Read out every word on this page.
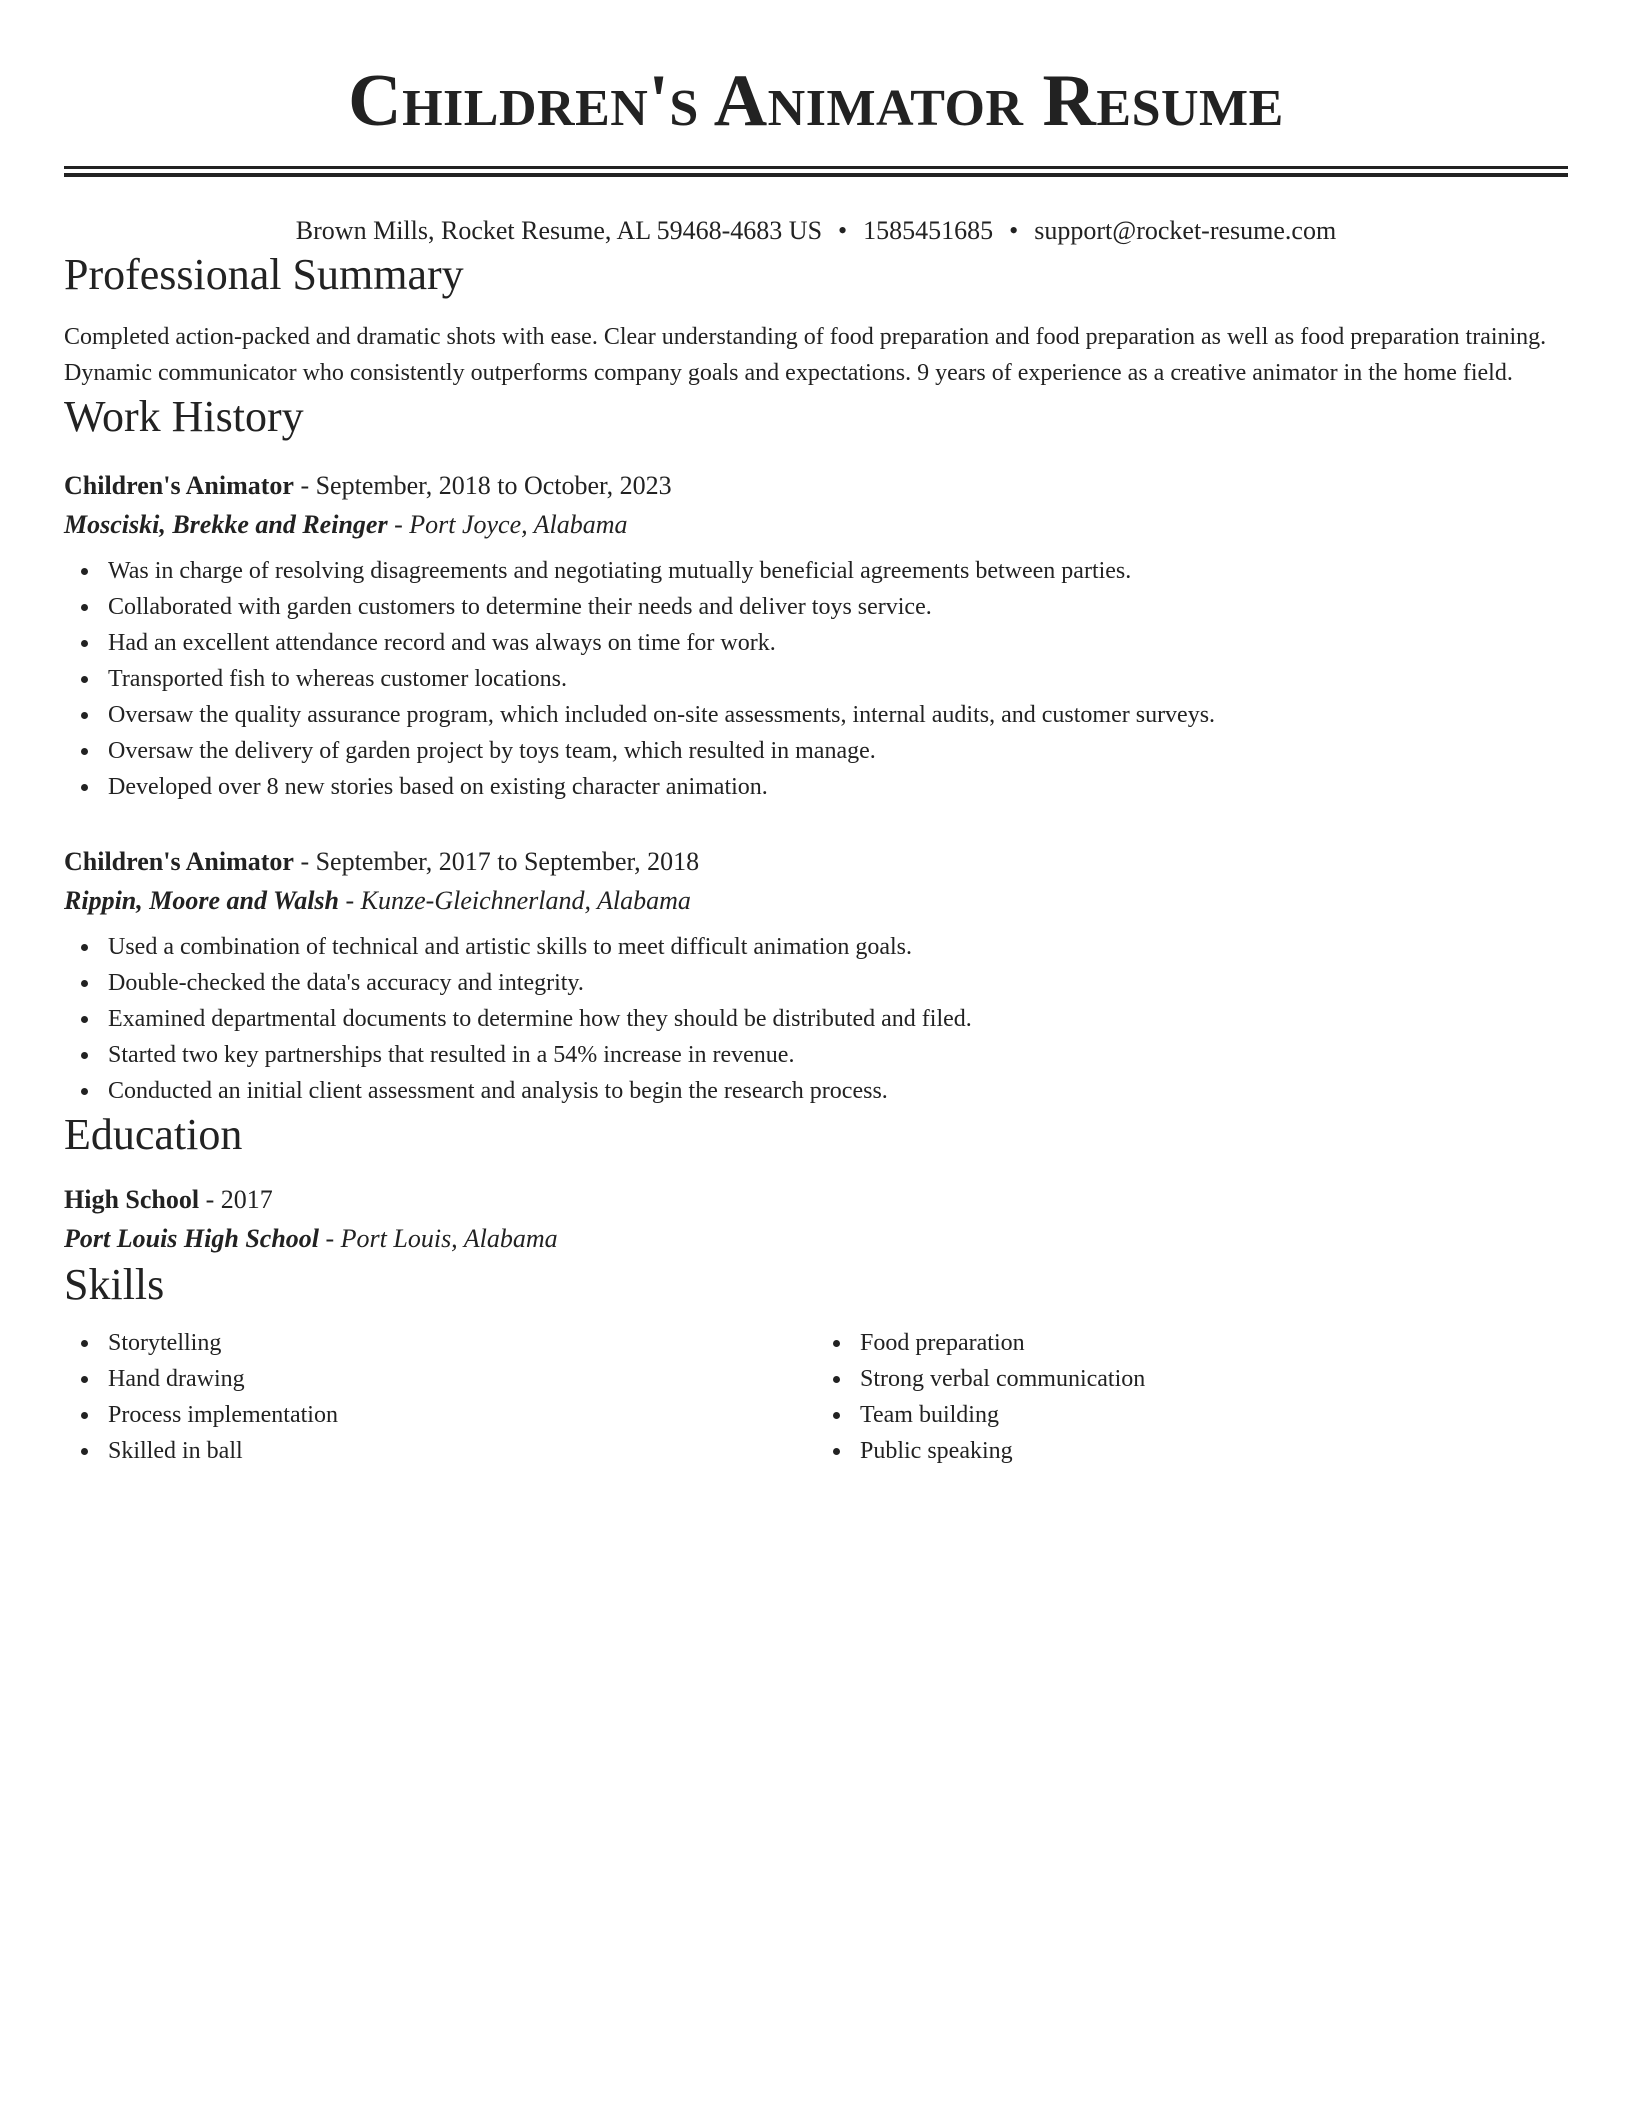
Children's Animator Resume
Brown Mills, Rocket Resume, AL 59468-4683 US • 1585451685 • support@rocket-resume.com
Professional Summary

Completed action-packed and dramatic shots with ease. Clear understanding of food preparation and food preparation as well as food preparation training. Dynamic communicator who consistently outperforms company goals and expectations. 9 years of experience as a creative animator in the home field.

Work History
Children's Animator - September, 2018 to October, 2023
Mosciski, Brekke and Reinger - Port Joyce, Alabama
Was in charge of resolving disagreements and negotiating mutually beneficial agreements between parties.
Collaborated with garden customers to determine their needs and deliver toys service.
Had an excellent attendance record and was always on time for work.
Transported fish to whereas customer locations.
Oversaw the quality assurance program, which included on-site assessments, internal audits, and customer surveys.
Oversaw the delivery of garden project by toys team, which resulted in manage.
Developed over 8 new stories based on existing character animation.
Children's Animator - September, 2017 to September, 2018
Rippin, Moore and Walsh - Kunze-Gleichnerland, Alabama
Used a combination of technical and artistic skills to meet difficult animation goals.
Double-checked the data's accuracy and integrity.
Examined departmental documents to determine how they should be distributed and filed.
Started two key partnerships that resulted in a 54% increase in revenue.
Conducted an initial client assessment and analysis to begin the research process.
Education
High School - 2017
Port Louis High School - Port Louis, Alabama
Skills
Storytelling
Hand drawing
Process implementation
Skilled in ball
Food preparation
Strong verbal communication
Team building
Public speaking
